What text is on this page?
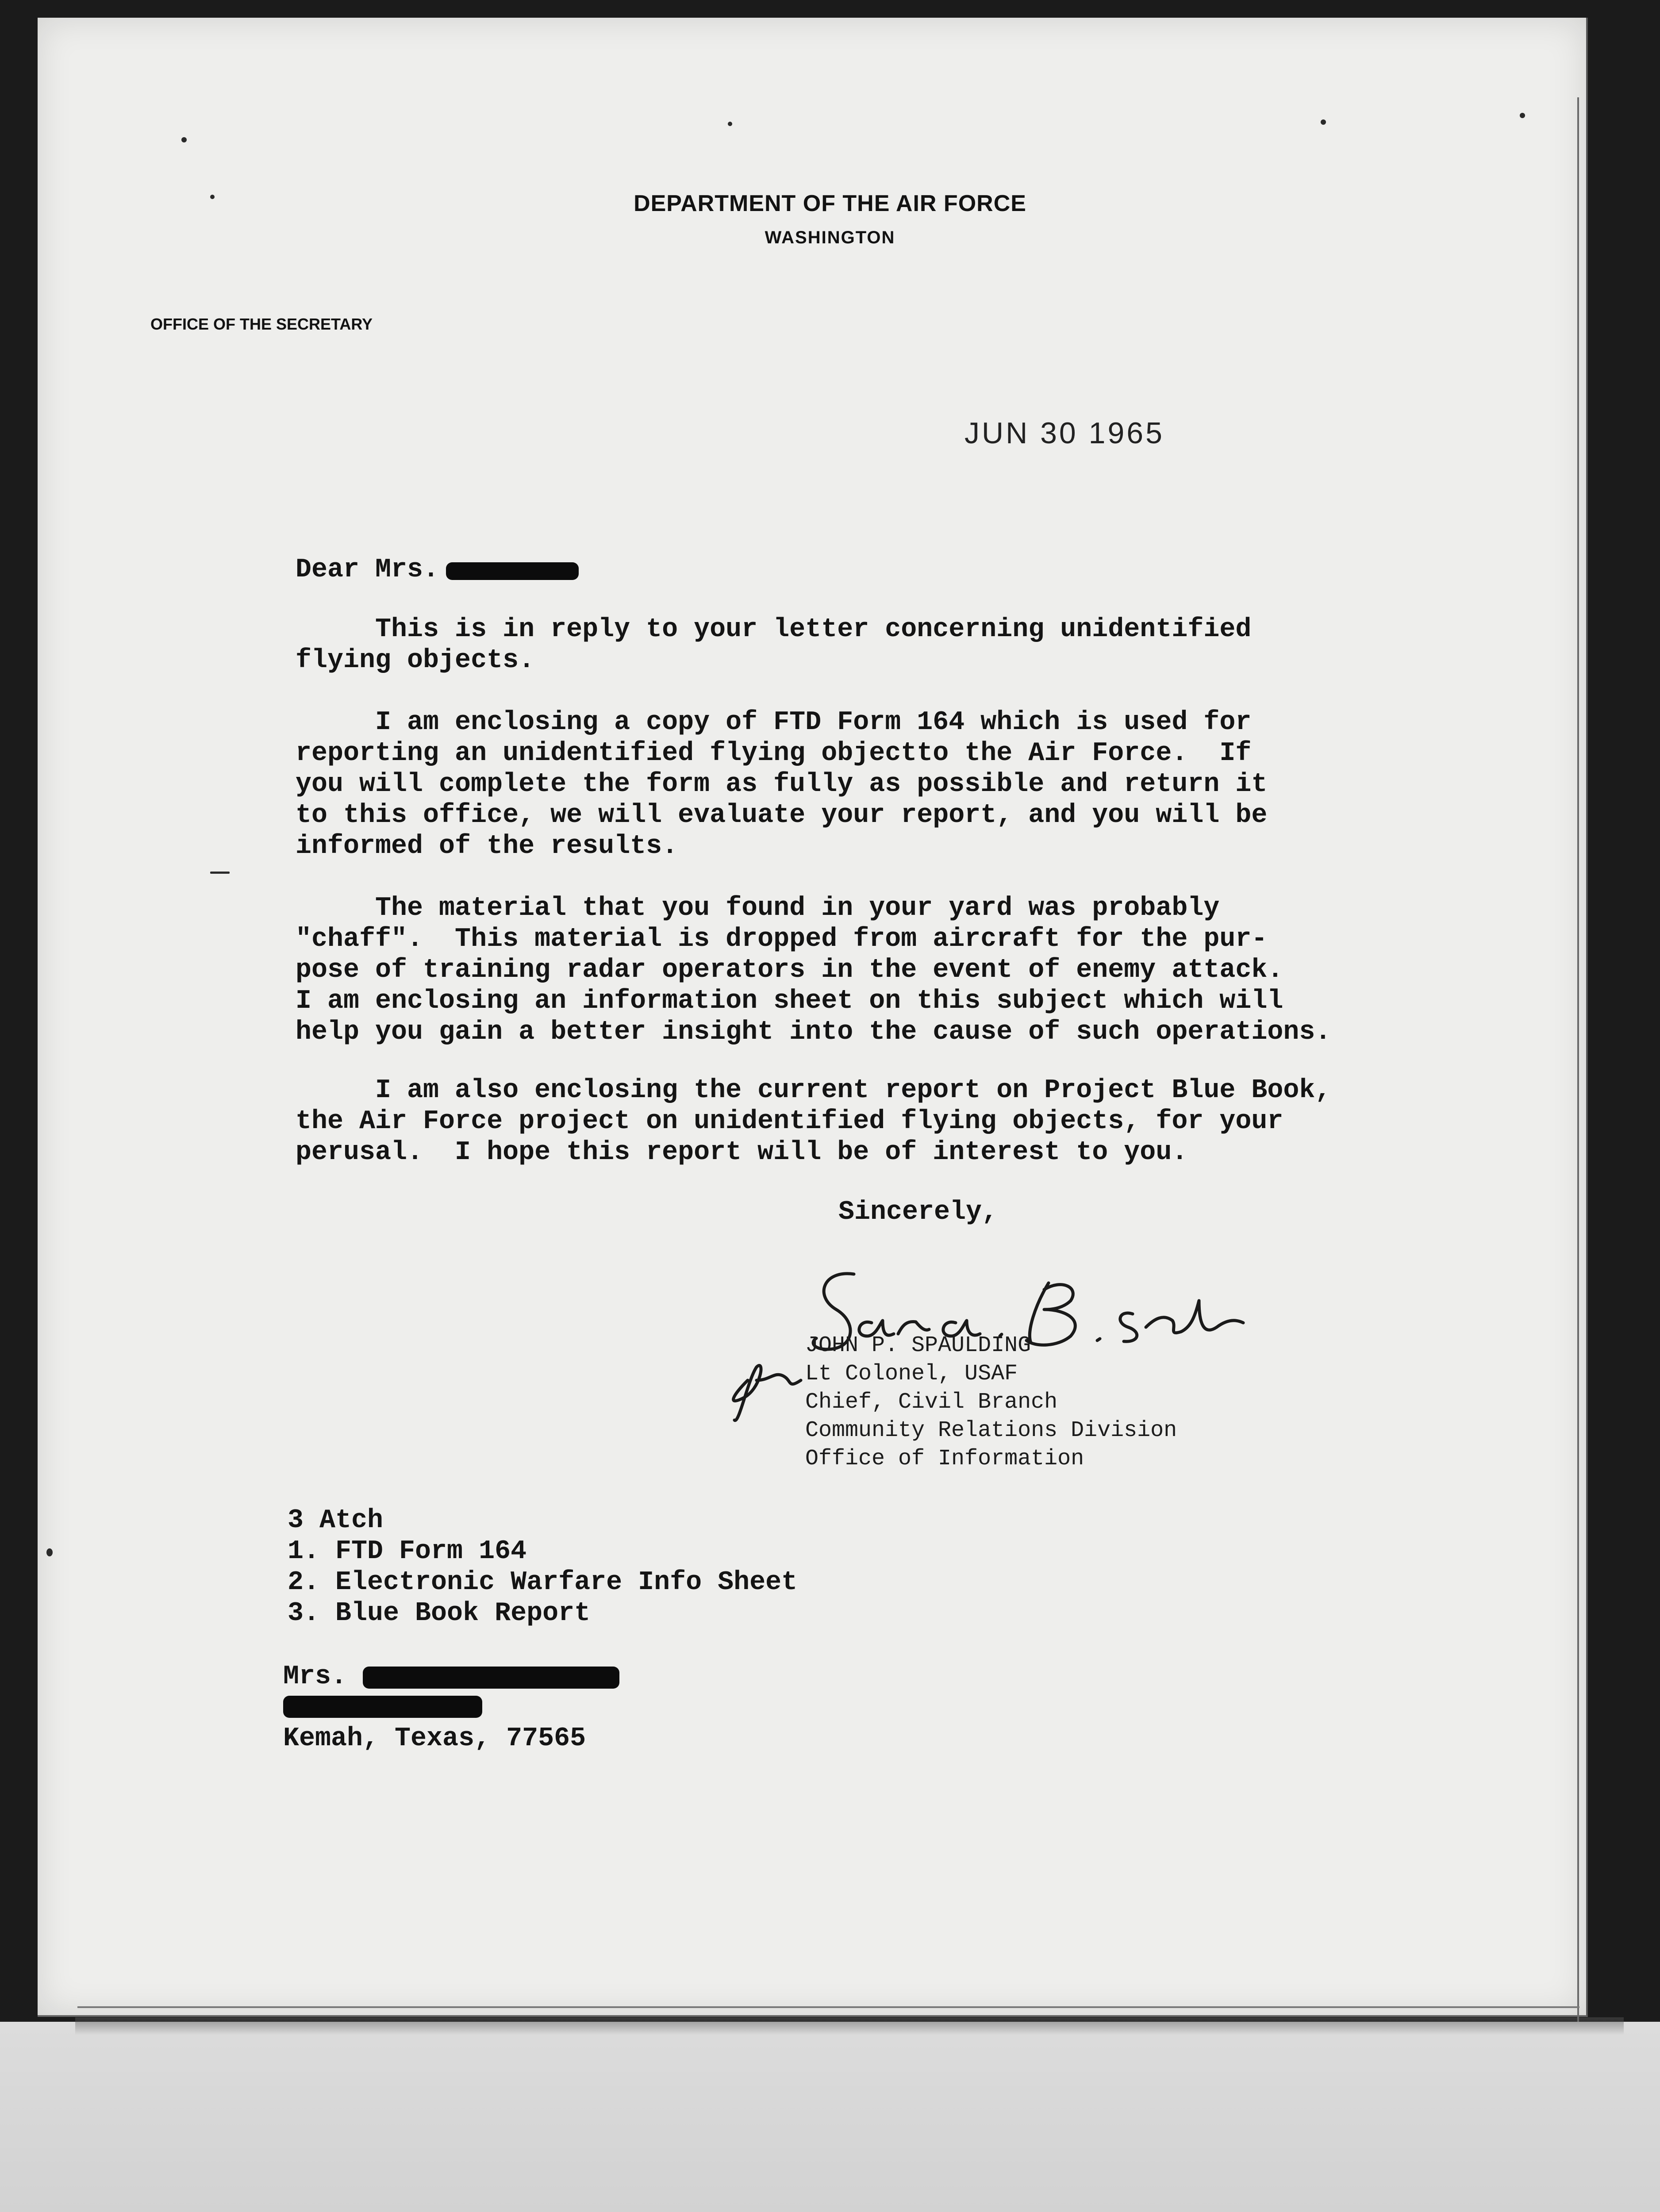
DEPARTMENT OF THE AIR FORCE
WASHINGTON
OFFICE OF THE SECRETARY
JUN 30 1965
Dear Mrs.
This is in reply to your letter concerning unidentified
flying objects.
I am enclosing a copy of FTD Form 164 which is used for
reporting an unidentified flying objectto the Air Force.  If
you will complete the form as fully as possible and return it
to this office, we will evaluate your report, and you will be
informed of the results.
The material that you found in your yard was probably
"chaff".  This material is dropped from aircraft for the pur-
pose of training radar operators in the event of enemy attack.
I am enclosing an information sheet on this subject which will
help you gain a better insight into the cause of such operations.
I am also enclosing the current report on Project Blue Book,
the Air Force project on unidentified flying objects, for your
perusal.  I hope this report will be of interest to you.
Sincerely,
JOHN P. SPAULDING
Lt Colonel, USAF
Chief, Civil Branch
Community Relations Division
Office of Information
3 Atch
1. FTD Form 164
2. Electronic Warfare Info Sheet
3. Blue Book Report
Mrs.
Kemah, Texas, 77565
